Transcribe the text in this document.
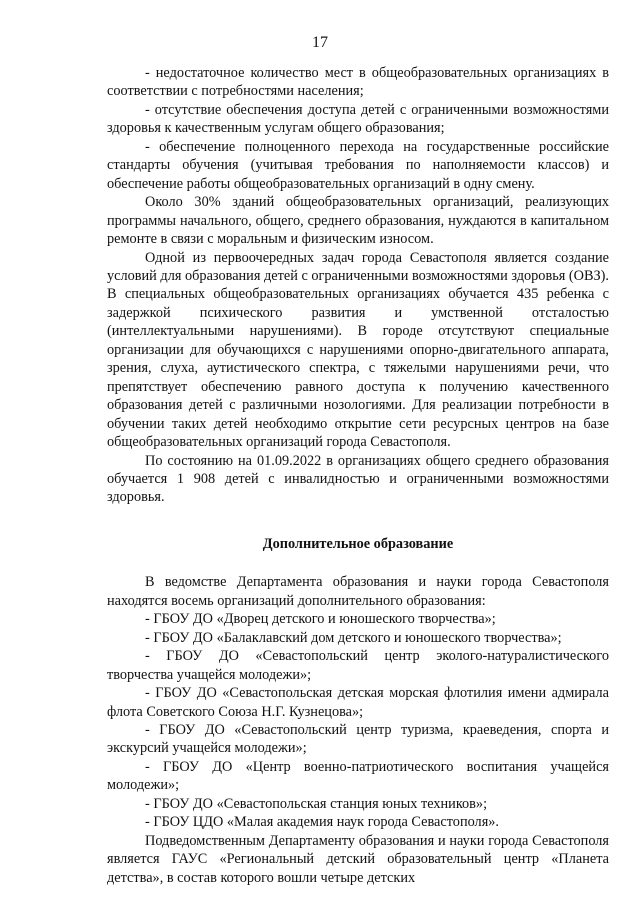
17

- недостаточное количество мест в общеобразовательных организациях в соответствии с потребностями населения;

- отсутствие обеспечения доступа детей с ограниченными возможностями здоровья к качественным услугам общего образования;

- обеспечение полноценного перехода на государственные российские стандарты обучения (учитывая требования по наполняемости классов) и обеспечение работы общеобразовательных организаций в одну смену.

Около 30% зданий общеобразовательных организаций, реализующих программы начального, общего, среднего образования, нуждаются в капитальном ремонте в связи с моральным и физическим износом.

Одной из первоочередных задач города Севастополя является создание условий для образования детей с ограниченными возможностями здоровья (ОВЗ). В специальных общеобразовательных организациях обучается 435 ребенка с задержкой психического развития и умственной отсталостью (интеллектуальными нарушениями). В городе отсутствуют специальные организации для обучающихся с нарушениями опорно-двигательного аппарата, зрения, слуха, аутистического спектра, с тяжелыми нарушениями речи, что препятствует обеспечению равного доступа к получению качественного образования детей с различными нозологиями. Для реализации потребности в обучении таких детей необходимо открытие сети ресурсных центров на базе общеобразовательных организаций города Севастополя.

По состоянию на 01.09.2022 в организациях общего среднего образования обучается 1 908 детей с инвалидностью и ограниченными возможностями здоровья.

Дополнительное образование

В ведомстве Департамента образования и науки города Севастополя находятся восемь организаций дополнительного образования:

- ГБОУ ДО «Дворец детского и юношеского творчества»;

- ГБОУ ДО «Балаклавский дом детского и юношеского творчества»;

- ГБОУ ДО «Севастопольский центр эколого-натуралистического творчества учащейся молодежи»;

- ГБОУ ДО «Севастопольская детская морская флотилия имени адмирала флота Советского Союза Н.Г. Кузнецова»;

- ГБОУ ДО «Севастопольский центр туризма, краеведения, спорта и экскурсий учащейся молодежи»;

- ГБОУ ДО «Центр военно-патриотического воспитания учащейся молодежи»;

- ГБОУ ДО «Севастопольская станция юных техников»;

- ГБОУ ЦДО «Малая академия наук города Севастополя».

Подведомственным Департаменту образования и науки города Севастополя является ГАУС «Региональный детский образовательный центр «Планета детства», в состав которого вошли четыре детских
